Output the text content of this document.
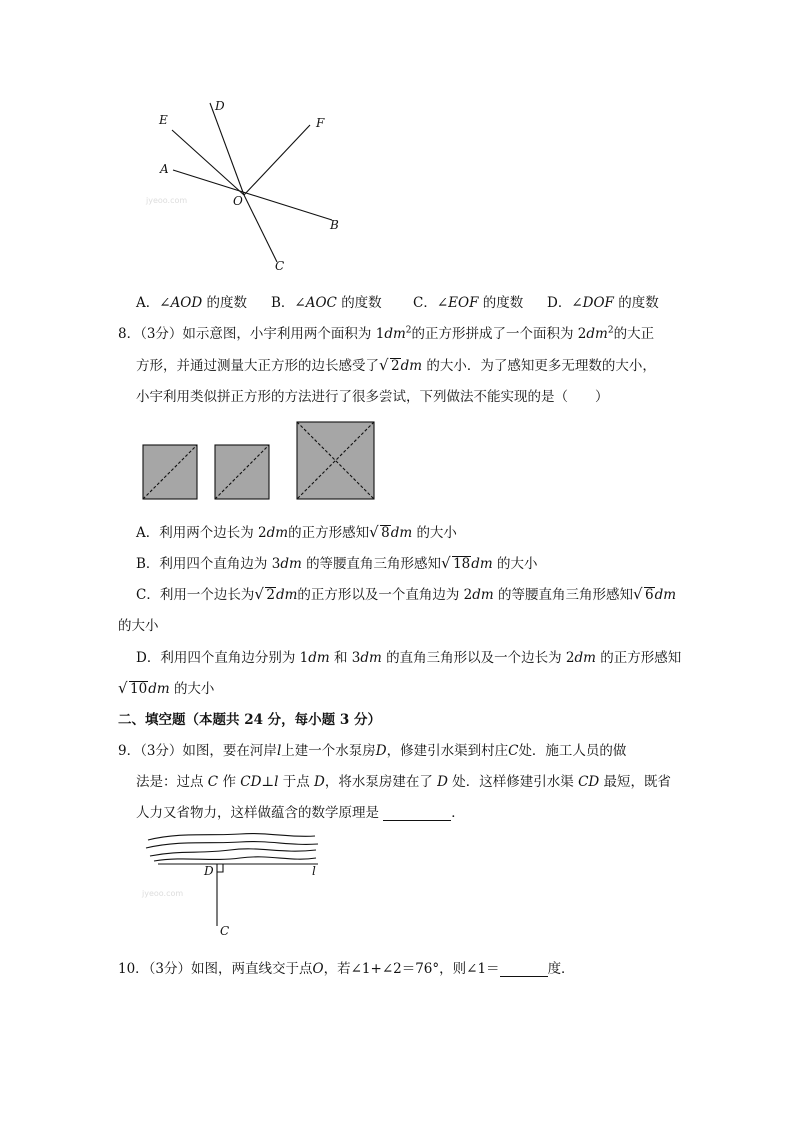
jyeoo.com
D
E	F
A
O
B
C
A．∠AOD 的度数 B．∠AOC 的度数 C．∠EOF 的度数 D．∠DOF 的度数
8．（3分）如示意图，小宇利用两个面积为 $1dm^2$的正方形拼成了一个面积为 $2dm^2$的大正
方形，并通过测量大正方形的边长感受了 √ 2dm 的大小．为了感知更多无理数的大小，
小宇利用类似拼正方形的方法进行了很多尝试，下列做法不能实现的是（　　）
A．利用两个边长为 2dm的正方形感知 √ 8dm 的大小
B．利用四个直角边为 3dm 的等腰直角三角形感知 √ 18dm 的大小
C．利用一个边长为 √ 2dm的正方形以及一个直角边为 2dm 的等腰直角三角形感知 √ 6dm
的大小
D．利用四个直角边分别为 1dm 和 3dm 的直角三角形以及一个边长为 2dm 的正方形感知
√ 10dm 的大小
二、填空题（本题共 24 分，每小题 3 分）
9．（3分）如图，要在河岸l上建一个水泵房D，修建引水渠到村庄C处．施工人员的做
法是：过点 C 作 CD⊥l 于点 D，将水泵房建在了 D 处．这样修建引水渠 CD 最短，既省
人力又省物力，这样做蕴含的数学原理是	．
jyeoo.com
D	l
C
10．（3分）如图，两直线交于点O，若∠1+∠2＝76°，则∠1＝	度．
